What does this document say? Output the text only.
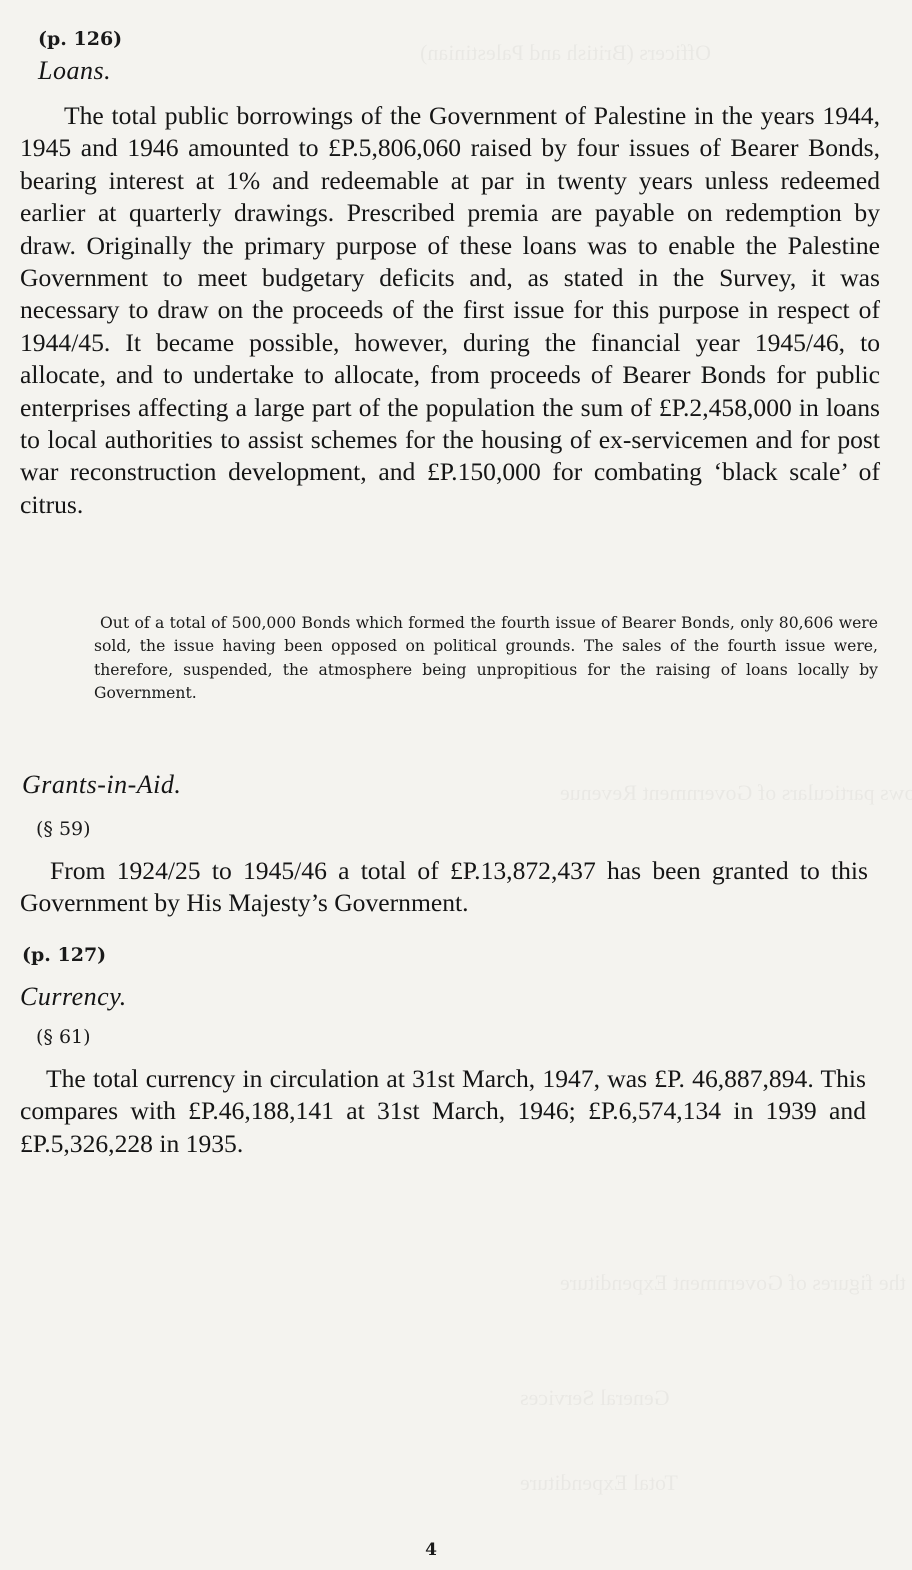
(p. 126)
Loans.

The total public borrowings of the Government of Palestine in the years 1944, 1945 and 1946 amounted to £P.5,806,060 raised by four issues of Bearer Bonds, bearing interest at 1% and redeemable at par in twenty years unless redeemed earlier at quarterly drawings. Prescribed premia are payable on redemption by draw. Originally the primary purpose of these loans was to enable the Palestine Government to meet budgetary deficits and, as stated in the Survey, it was necessary to draw on the proceeds of the first issue for this purpose in respect of 1944/45. It became possible, however, during the financial year 1945/46, to allocate, and to undertake to allocate, from proceeds of Bearer Bonds for public enterprises affecting a large part of the population the sum of £P.2,458,000 in loans to local authorities to assist schemes for the housing of ex-servicemen and for post war reconstruction development, and £P.150,000 for combating ‘black scale’ of citrus.

Out of a total of 500,000 Bonds which formed the fourth issue of Bearer Bonds, only 80,606 were sold, the issue having been opposed on political grounds. The sales of the fourth issue were, therefore, suspended, the atmosphere being unpropitious for the raising of loans locally by Government.

Grants-in-Aid.
(§ 59)

From 1924/25 to 1945/46 a total of £P.13,872,437 has been granted to this Government by His Majesty’s Government.

(p. 127)
Currency.
(§ 61)

The total currency in circulation at 31st March, 1947, was £P. 46,887,894. This compares with £P.46,188,141 at 31st March, 1946; £P.6,574,134 in 1939 and £P.5,326,228 in 1935.

4
